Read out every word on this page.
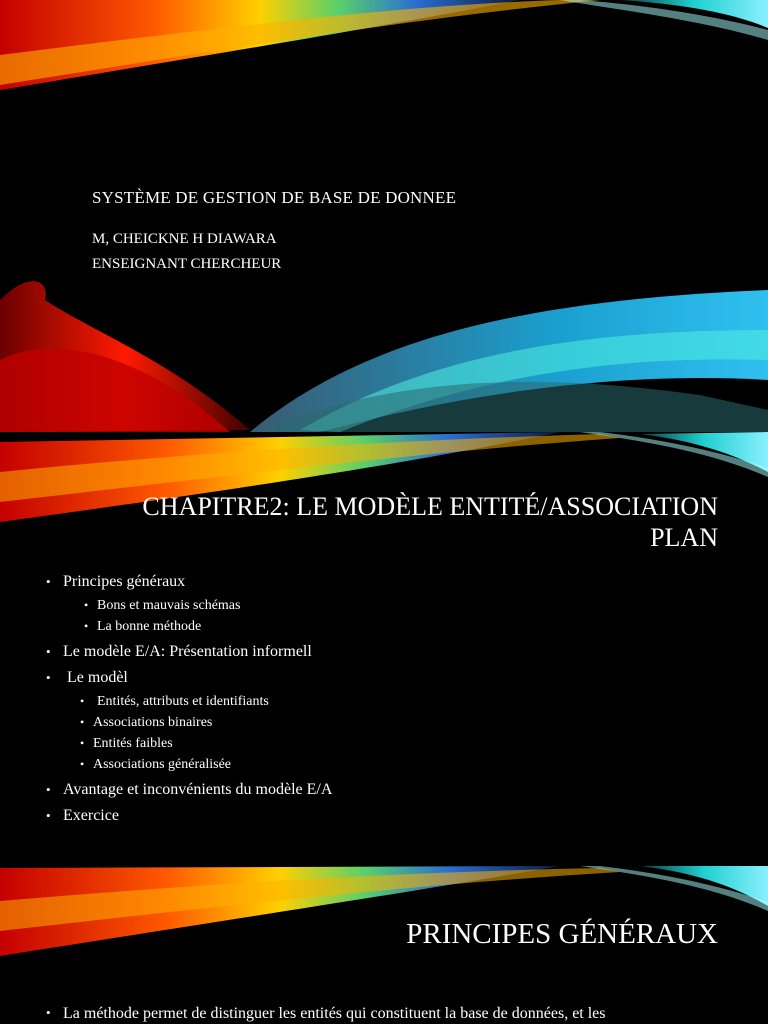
SYSTÈME DE GESTION DE BASE DE DONNEE
M, CHEICKNE H DIAWARA
ENSEIGNANT CHERCHEUR
CHAPITRE2: LE MODÈLE ENTITÉ/ASSOCIATION
PLAN
• Principes généraux
• Bons et mauvais schémas
• La bonne méthode
• Le modèle E/A: Présentation informell
•  Le modèl
• Entités, attributs et identifiants
• Associations binaires
• Entités faibles
• Associations généralisée
• Avantage et inconvénients du modèle E/A
• Exercice
PRINCIPES GÉNÉRAUX
• La méthode permet de distinguer les entités qui constituent la base de données, et les
